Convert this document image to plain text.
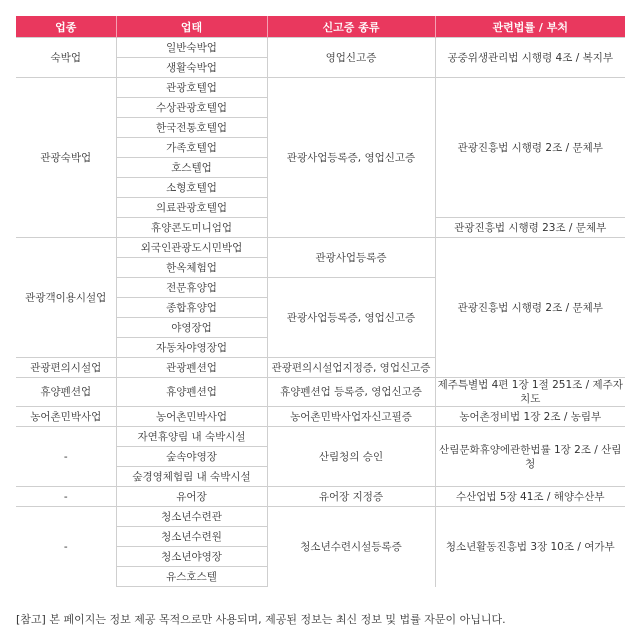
업종	업태	신고증 종류	관련법률 / 부처
숙박업	일반숙박업	영업신고증	공중위생관리법 시행령 4조 / 복지부
	생활숙박업		
관광숙박업	관광호텔업	관광사업등록증, 영업신고증	관광진흥법 시행령 2조 / 문체부
	수상관광호텔업		
	한국전통호텔업		
	가족호텔업		
	호스텔업		
	소형호텔업		
	의료관광호텔업		
	휴양콘도미니엄업		관광진흥법 시행령 23조 / 문체부
관광객이용시설업	외국인관광도시민박업	관광사업등록증	관광진흥법 시행령 2조 / 문체부
	한옥체험업		
	전문휴양업	관광사업등록증, 영업신고증	
	종합휴양업		
	야영장업		
	자동차야영장업		
관광편의시설업	관광펜션업	관광편의시설업지정증, 영업신고증	
휴양펜션업	휴양펜션업	휴양펜션업 등록증, 영업신고증	제주특별법 4편 1장 1절 251조 / 제주자치도
농어촌민박사업	농어촌민박사업	농어촌민박사업자신고필증	농어촌정비법 1장 2조 / 농림부
-	자연휴양림 내 숙박시설	산림청의 승인	산림문화휴양에관한법률 1장 2조 / 산림청
	숲속야영장		
	숲경영체험림 내 숙박시설		
-	유어장	유어장 지정증	수산업법 5장 41조 / 해양수산부
-	청소년수련관	청소년수련시설등록증	청소년활동진흥법 3장 10조 / 여가부
	청소년수련원		
	청소년야영장		
	유스호스텔		
[참고] 본 페이지는 정보 제공 목적으로만 사용되며, 제공된 정보는 최신 정보 및 법률 자문이 아닙니다.
